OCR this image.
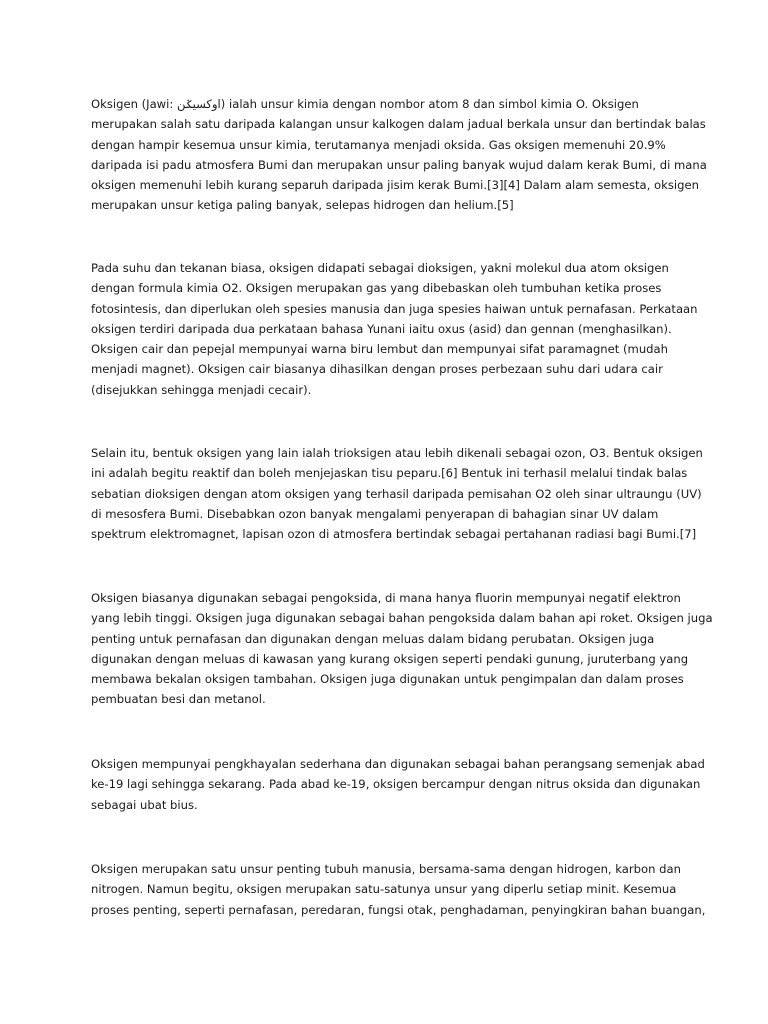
Oksigen (Jawi: اوکسيݢن) ialah unsur kimia dengan nombor atom 8 dan simbol kimia O. Oksigen
merupakan salah satu daripada kalangan unsur kalkogen dalam jadual berkala unsur dan bertindak balas
dengan hampir kesemua unsur kimia, terutamanya menjadi oksida. Gas oksigen memenuhi 20.9%
daripada isi padu atmosfera Bumi dan merupakan unsur paling banyak wujud dalam kerak Bumi, di mana
oksigen memenuhi lebih kurang separuh daripada jisim kerak Bumi.[3][4] Dalam alam semesta, oksigen
merupakan unsur ketiga paling banyak, selepas hidrogen dan helium.[5]

Pada suhu dan tekanan biasa, oksigen didapati sebagai dioksigen, yakni molekul dua atom oksigen
dengan formula kimia O2. Oksigen merupakan gas yang dibebaskan oleh tumbuhan ketika proses
fotosintesis, dan diperlukan oleh spesies manusia dan juga spesies haiwan untuk pernafasan. Perkataan
oksigen terdiri daripada dua perkataan bahasa Yunani iaitu oxus (asid) dan gennan (menghasilkan).
Oksigen cair dan pepejal mempunyai warna biru lembut dan mempunyai sifat paramagnet (mudah
menjadi magnet). Oksigen cair biasanya dihasilkan dengan proses perbezaan suhu dari udara cair
(disejukkan sehingga menjadi cecair).

Selain itu, bentuk oksigen yang lain ialah trioksigen atau lebih dikenali sebagai ozon, O3. Bentuk oksigen
ini adalah begitu reaktif dan boleh menjejaskan tisu peparu.[6] Bentuk ini terhasil melalui tindak balas
sebatian dioksigen dengan atom oksigen yang terhasil daripada pemisahan O2 oleh sinar ultraungu (UV)
di mesosfera Bumi. Disebabkan ozon banyak mengalami penyerapan di bahagian sinar UV dalam
spektrum elektromagnet, lapisan ozon di atmosfera bertindak sebagai pertahanan radiasi bagi Bumi.[7]

Oksigen biasanya digunakan sebagai pengoksida, di mana hanya fluorin mempunyai negatif elektron
yang lebih tinggi. Oksigen juga digunakan sebagai bahan pengoksida dalam bahan api roket. Oksigen juga
penting untuk pernafasan dan digunakan dengan meluas dalam bidang perubatan. Oksigen juga
digunakan dengan meluas di kawasan yang kurang oksigen seperti pendaki gunung, juruterbang yang
membawa bekalan oksigen tambahan. Oksigen juga digunakan untuk pengimpalan dan dalam proses
pembuatan besi dan metanol.

Oksigen mempunyai pengkhayalan sederhana dan digunakan sebagai bahan perangsang semenjak abad
ke-19 lagi sehingga sekarang. Pada abad ke-19, oksigen bercampur dengan nitrus oksida dan digunakan
sebagai ubat bius.

Oksigen merupakan satu unsur penting tubuh manusia, bersama-sama dengan hidrogen, karbon dan
nitrogen. Namun begitu, oksigen merupakan satu-satunya unsur yang diperlu setiap minit. Kesemua
proses penting, seperti pernafasan, peredaran, fungsi otak, penghadaman, penyingkiran bahan buangan,
